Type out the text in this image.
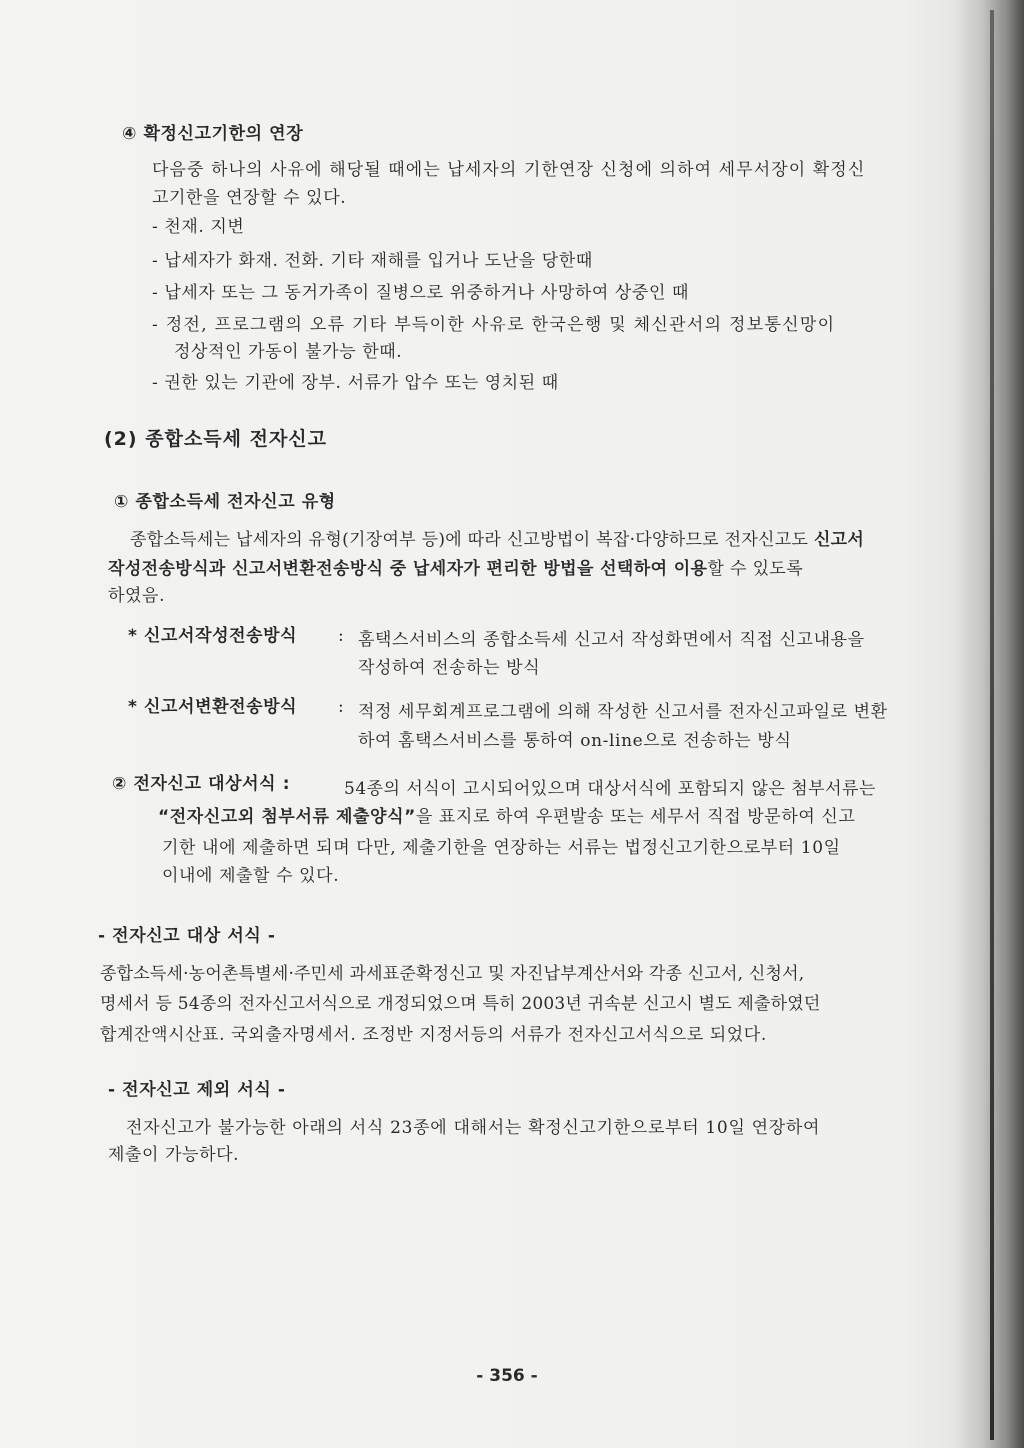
④ 확정신고기한의 연장
다음중 하나의 사유에 해당될 때에는 납세자의 기한연장 신청에 의하여 세무서장이 확정신
고기한을 연장할 수 있다.
- 천재. 지변
- 납세자가 화재. 전화. 기타 재해를 입거나 도난을 당한때
- 납세자 또는 그 동거가족이 질병으로 위중하거나 사망하여 상중인 때
- 정전, 프로그램의 오류 기타 부득이한 사유로 한국은행 및 체신관서의 정보통신망이
정상적인 가동이 불가능 한때.
- 권한 있는 기관에 장부. 서류가 압수 또는 영치된 때
(2) 종합소득세 전자신고
① 종합소득세 전자신고 유형
종합소득세는 납세자의 유형(기장여부 등)에 따라 신고방법이 복잡·다양하므로 전자신고도 신고서
작성전송방식과 신고서변환전송방식 중 납세자가 편리한 방법을 선택하여 이용할 수 있도록
하였음.
* 신고서작성전송방식 : 홈택스서비스의 종합소득세 신고서 작성화면에서 직접 신고내용을
작성하여 전송하는 방식
* 신고서변환전송방식 : 적정 세무회계프로그램에 의해 작성한 신고서를 전자신고파일로 변환
하여 홈택스서비스를 통하여 on-line으로 전송하는 방식
② 전자신고 대상서식 :	54종의 서식이 고시되어있으며 대상서식에 포함되지 않은 첨부서류는
“전자신고외 첨부서류 제출양식”을 표지로 하여 우편발송 또는 세무서 직접 방문하여 신고
기한 내에 제출하면 되며 다만, 제출기한을 연장하는 서류는 법정신고기한으로부터 10일
이내에 제출할 수 있다.
- 전자신고 대상 서식 -
종합소득세·농어촌특별세·주민세 과세표준확정신고 및 자진납부계산서와 각종 신고서, 신청서,
명세서 등 54종의 전자신고서식으로 개정되었으며 특히 2003년 귀속분 신고시 별도 제출하였던
합계잔액시산표. 국외출자명세서. 조정반 지정서등의 서류가 전자신고서식으로 되었다.
- 전자신고 제외 서식 -
전자신고가 불가능한 아래의 서식 23종에 대해서는 확정신고기한으로부터 10일 연장하여
제출이 가능하다.
- 356 -
